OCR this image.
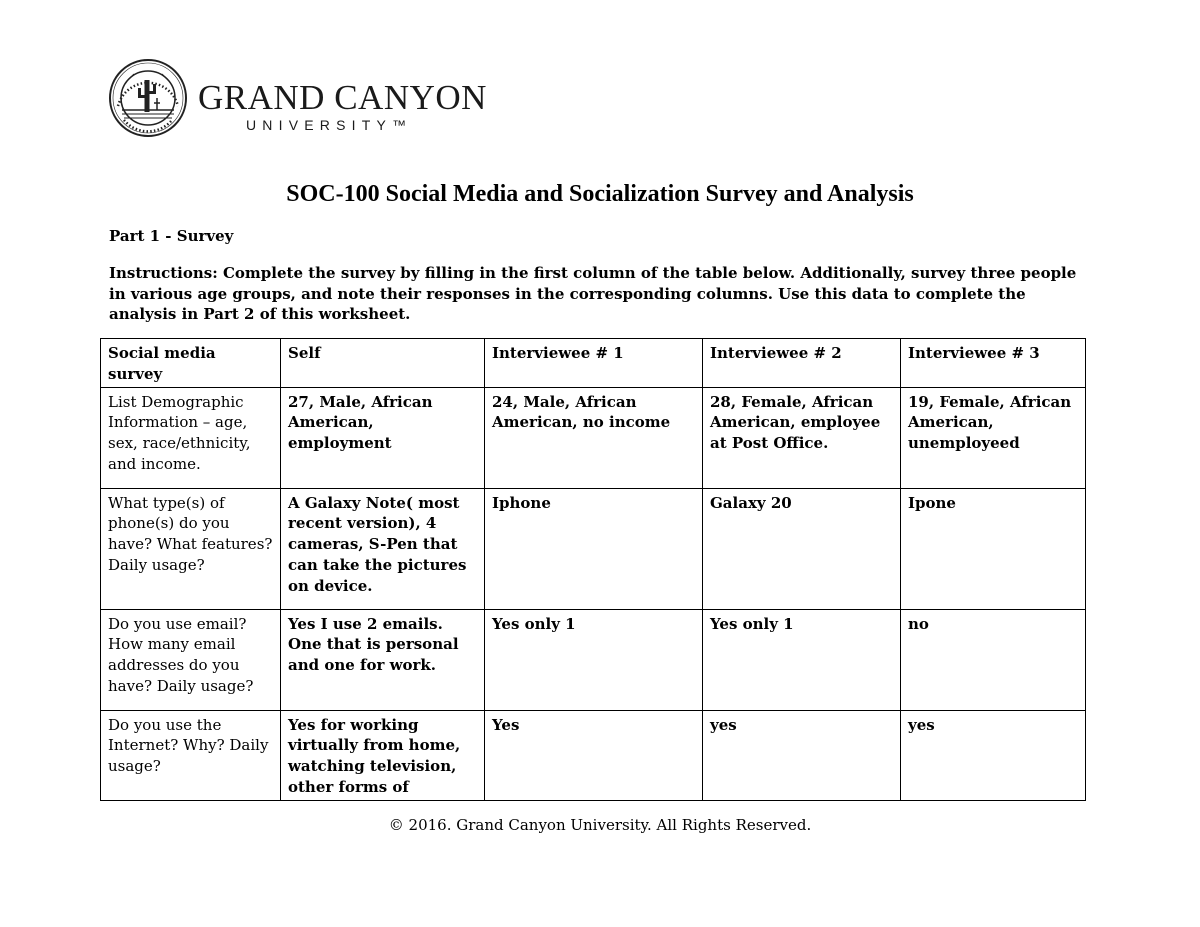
GRAND CANYON
UNIVERSITY™
SOC-100 Social Media and Socialization Survey and Analysis

Part 1 - Survey

Instructions: Complete the survey by filling in the first column of the table below. Additionally, survey three people in various age groups, and note their responses in the corresponding columns. Use this data to complete the analysis in Part 2 of this worksheet.

Social media survey	Self	Interviewee # 1	Interviewee # 2	Interviewee # 3
List Demographic Information – age, sex, race/ethnicity, and income.	27, Male, African American, employment	24, Male, African American, no income	28, Female, African American, employee at Post Office.	19, Female, African American, unemployeed
What type(s) of phone(s) do you have? What features? Daily usage?	A Galaxy Note( most recent version), 4 cameras, S-Pen that can take the pictures on device.	Iphone	Galaxy 20	Ipone
Do you use email? How many email addresses do you have? Daily usage?	Yes I use 2 emails. One that is personal and one for work.	Yes only 1	Yes only 1	no
Do you use the Internet? Why? Daily usage?	Yes for working virtually from home, watching television, other forms of	Yes	yes	yes

© 2016. Grand Canyon University. All Rights Reserved.
